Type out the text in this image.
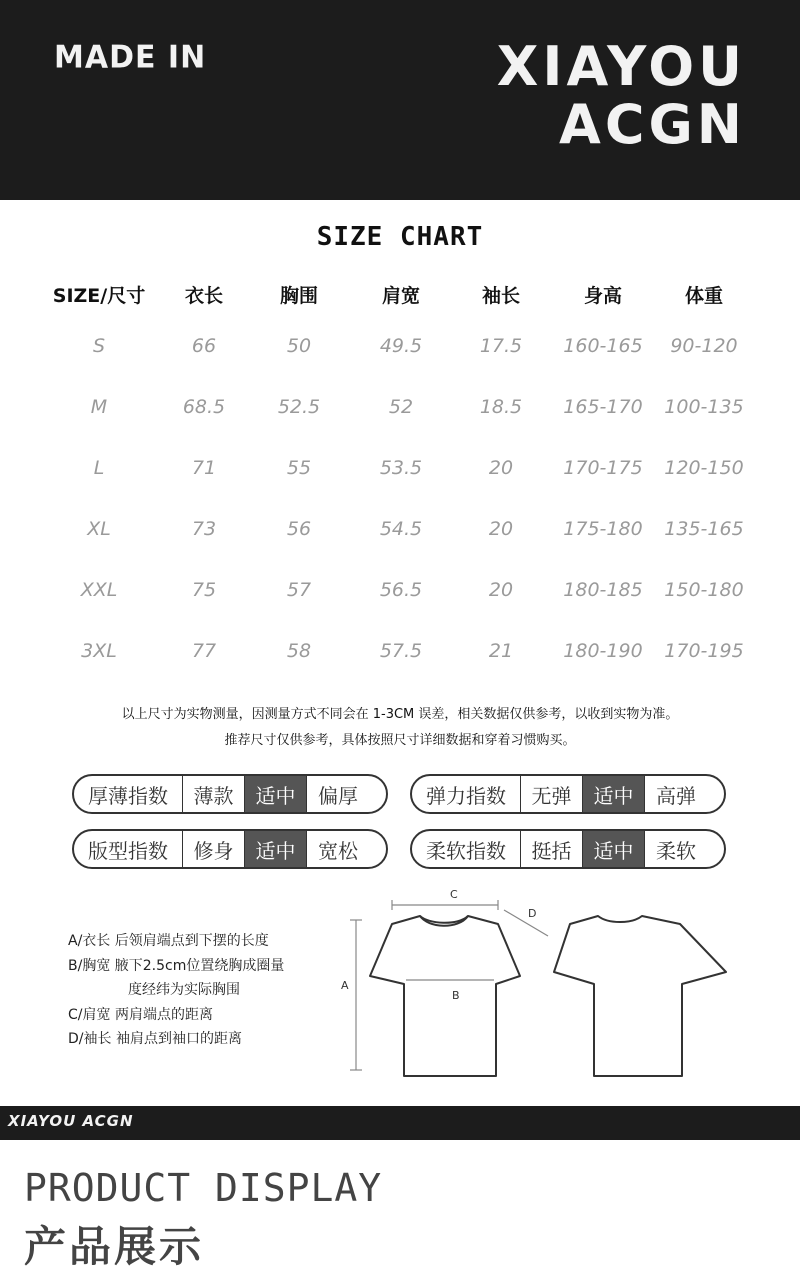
MADE IN	XIAYOU
ACGN
SIZE CHART
SIZE/尺寸	衣长	胸围	肩宽	袖长	身高	体重
S	66	50	49.5	17.5	160-165	90-120
M	68.5	52.5	52	18.5	165-170	100-135
L	71	55	53.5	20	170-175	120-150
XL	73	56	54.5	20	175-180	135-165
XXL	75	57	56.5	20	180-185	150-180
3XL	77	58	57.5	21	180-190	170-195
以上尺寸为实物测量，因测量方式不同会在 1-3CM 误差，相关数据仅供参考，以收到实物为准。
推荐尺寸仅供参考，具体按照尺寸详细数据和穿着习惯购买。
厚薄指数	薄款	适中	偏厚	弹力指数	无弹	适中	高弹
版型指数	修身	适中	宽松	柔软指数	挺括	适中	柔软
A/衣长 后领肩端点到下摆的长度
B/胸宽 腋下2.5cm位置绕胸成圈量
度经纬为实际胸围
C/肩宽 两肩端点的距离
D/袖长 袖肩点到袖口的距离
A
B
C
D
XIAYOU ACGN
PRODUCT DISPLAY
产品展示
